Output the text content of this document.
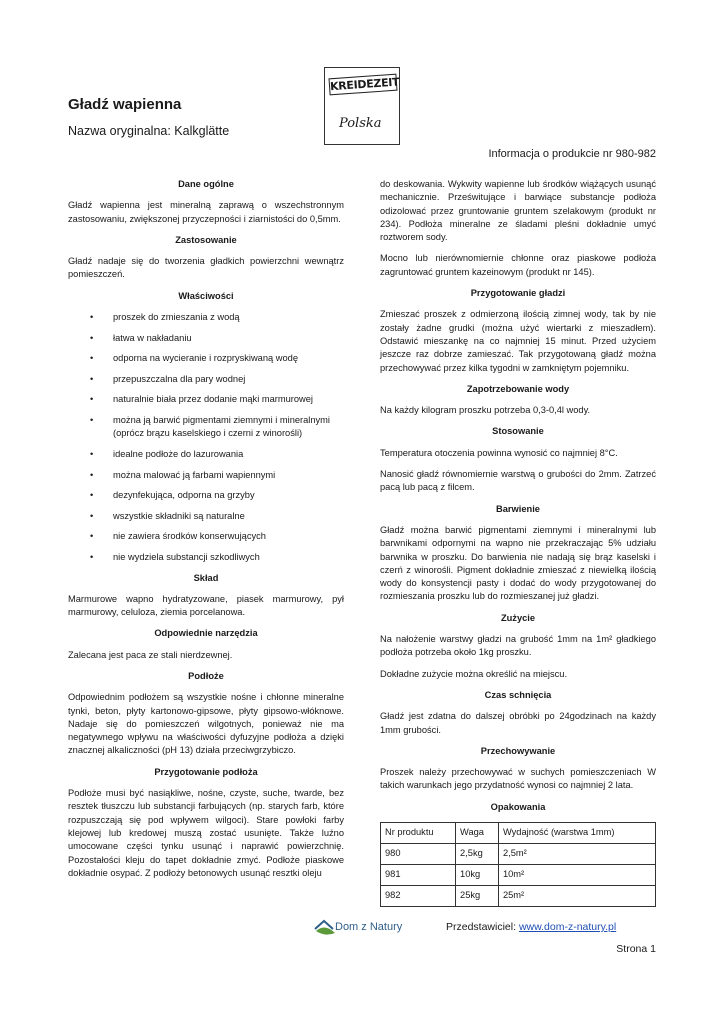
Gładź wapienna
Nazwa oryginalna: Kalkglätte
KREIDEZEIT
Polska
Informacja o produkcie nr 980-982
Dane ogólne

Gładź wapienna jest mineralną zaprawą o wszechstronnym zastosowaniu, zwiększonej przyczepności i ziarnistości do 0,5mm.

Zastosowanie

Gładź nadaje się do tworzenia gładkich powierzchni wewnątrz pomieszczeń.

Właściwości
• proszek do zmieszania z wodą
• łatwa w nakładaniu
• odporna na wycieranie i rozpryskiwaną wodę
• przepuszczalna dla pary wodnej
• naturalnie biała przez dodanie mąki marmurowej
• można ją barwić pigmentami ziemnymi i mineralnymi (oprócz brązu kaselskiego i czerni z winorośli)
• idealne podłoże do lazurowania
• można malować ją farbami wapiennymi
• dezynfekująca, odporna na grzyby
• wszystkie składniki są naturalne
• nie zawiera środków konserwujących
• nie wydziela substancji szkodliwych
Skład

Marmurowe wapno hydratyzowane, piasek marmurowy, pył marmurowy, celuloza, ziemia porcelanowa.

Odpowiednie narzędzia

Zalecana jest paca ze stali nierdzewnej.

Podłoże

Odpowiednim podłożem są wszystkie nośne i chłonne mineralne tynki, beton, płyty kartonowo-gipsowe, płyty gipsowo-włóknowe. Nadaje się do pomieszczeń wilgotnych, ponieważ nie ma negatywnego wpływu na właściwości dyfuzyjne podłoża a dzięki znacznej alkaliczności (pH 13) działa przeciwgrzybiczo.

Przygotowanie podłoża

Podłoże musi być nasiąkliwe, nośne, czyste, suche, twarde, bez resztek tłuszczu lub substancji farbujących (np. starych farb, które rozpuszczają się pod wpływem wilgoci). Stare powłoki farby klejowej lub kredowej muszą zostać usunięte. Także luźno umocowane części tynku usunąć i naprawić powierzchnię. Pozostałości kleju do tapet dokładnie zmyć. Podłoże piaskowe dokładnie osypać. Z podłoży betonowych usunąć resztki oleju

do deskowania. Wykwity wapienne lub środków wiążących usunąć mechanicznie. Prześwitujące i barwiące substancje podłoża odizolować przez gruntowanie gruntem szelakowym (produkt nr 234). Podłoża mineralne ze śladami pleśni dokładnie umyć roztworem sody.

Mocno lub nierównomiernie chłonne oraz piaskowe podłoża zagruntować gruntem kazeinowym (produkt nr 145).

Przygotowanie gładzi

Zmieszać proszek z odmierzoną ilością zimnej wody, tak by nie zostały żadne grudki (można użyć wiertarki z mieszadłem). Odstawić mieszankę na co najmniej 15 minut. Przed użyciem jeszcze raz dobrze zamieszać. Tak przygotowaną gładź można przechowywać przez kilka tygodni w zamkniętym pojemniku.

Zapotrzebowanie wody

Na każdy kilogram proszku potrzeba 0,3-0,4l wody.

Stosowanie

Temperatura otoczenia powinna wynosić co najmniej 8°C.

Nanosić gładź równomiernie warstwą o grubości do 2mm. Zatrzeć pacą lub pacą z filcem.

Barwienie

Gładź można barwić pigmentami ziemnymi i mineralnymi lub barwnikami odpornymi na wapno nie przekraczając 5% udziału barwnika w proszku. Do barwienia nie nadają się brąz kaselski i czerń z winorośli. Pigment dokładnie zmieszać z niewielką ilością wody do konsystencji pasty i dodać do wody przygotowanej do rozmieszania proszku lub do rozmieszanej już gładzi.

Zużycie

Na nałożenie warstwy gładzi na grubość 1mm na 1m² gładkiego podłoża potrzeba około 1kg proszku.

Dokładne zużycie można określić na miejscu.

Czas schnięcia

Gładź jest zdatna do dalszej obróbki po 24godzinach na każdy 1mm grubości.

Przechowywanie

Proszek należy przechowywać w suchych pomieszczeniach W takich warunkach jego przydatność wynosi co najmniej 2 lata.

Opakowania
Nr produktu	Waga	Wydajność (warstwa 1mm)
980	2,5kg	2,5m²
981	10kg	10m²
982	25kg	25m²
Dom z Natury	Przedstawiciel: www.dom-z-natury.pl
Strona 1
